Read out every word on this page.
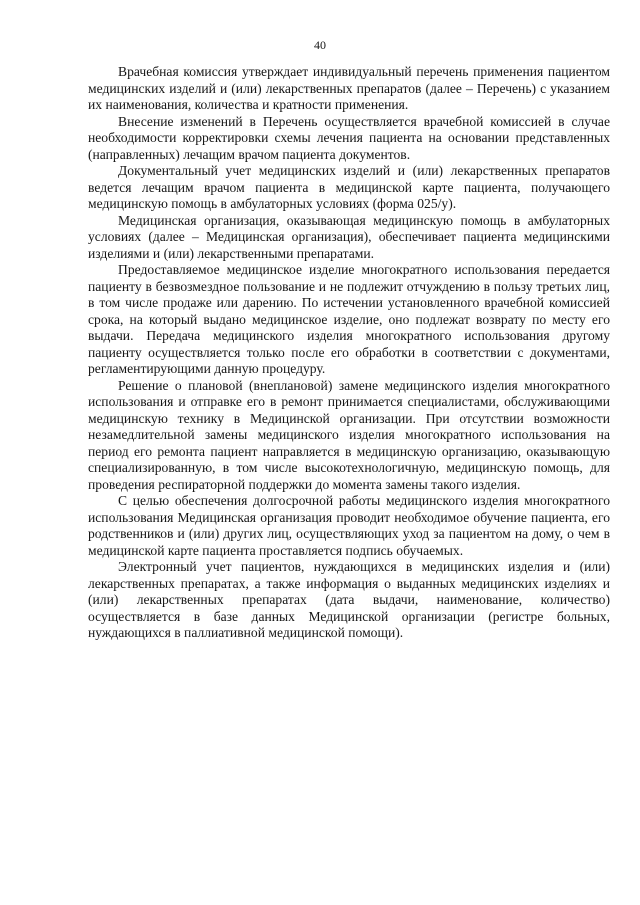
40

Врачебная комиссия утверждает индивидуальный перечень применения пациентом медицинских изделий и (или) лекарственных препаратов (далее – Перечень) с указанием их наименования, количества и кратности применения.

Внесение изменений в Перечень осуществляется врачебной комиссией в случае необходимости корректировки схемы лечения пациента на основании представленных (направленных) лечащим врачом пациента документов.

Документальный учет медицинских изделий и (или) лекарственных препаратов ведется лечащим врачом пациента в медицинской карте пациента, получающего медицинскую помощь в амбулаторных условиях (форма 025/у).

Медицинская организация, оказывающая медицинскую помощь в амбулаторных условиях (далее – Медицинская организация), обеспечивает пациента медицинскими изделиями и (или) лекарственными препаратами.

Предоставляемое медицинское изделие многократного использования передается пациенту в безвозмездное пользование и не подлежит отчуждению в пользу третьих лиц, в том числе продаже или дарению. По истечении установленного врачебной комиссией срока, на который выдано медицинское изделие, оно подлежат возврату по месту его выдачи. Передача медицинского изделия многократного использования другому пациенту осуществляется только после его обработки в соответствии с документами, регламентирующими данную процедуру.

Решение о плановой (внеплановой) замене медицинского изделия многократного использования и отправке его в ремонт принимается специалистами, обслуживающими медицинскую технику в Медицинской организации. При отсутствии возможности незамедлительной замены медицинского изделия многократного использования на период его ремонта пациент направляется в медицинскую организацию, оказывающую специализированную, в том числе высокотехнологичную, медицинскую помощь, для проведения респираторной поддержки до момента замены такого изделия.

С целью обеспечения долгосрочной работы медицинского изделия многократного использования Медицинская организация проводит необходимое обучение пациента, его родственников и (или) других лиц, осуществляющих уход за пациентом на дому, о чем в медицинской карте пациента проставляется подпись обучаемых.

Электронный учет пациентов, нуждающихся в медицинских изделия и (или) лекарственных препаратах, а также информация о выданных медицинских изделиях и (или) лекарственных препаратах (дата выдачи, наименование, количество) осуществляется в базе данных Медицинской организации (регистре больных, нуждающихся в паллиативной медицинской помощи).
